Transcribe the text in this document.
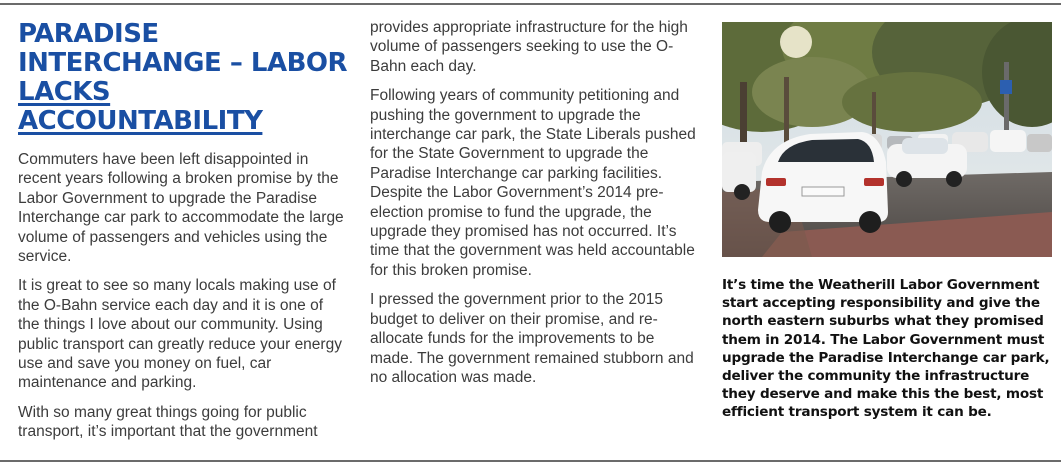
PARADISE
INTERCHANGE – LABOR
LACKS ACCOUNTABILITY

Commuters have been left disappointed in recent years following a broken promise by the Labor Government to upgrade the Paradise Interchange car park to accommodate the large volume of passengers and vehicles using the service.

It is great to see so many locals making use of the O-Bahn service each day and it is one of the things I love about our community. Using public transport can greatly reduce your energy use and save you money on fuel, car maintenance and parking.

With so many great things going for public transport, it’s important that the government

provides appropriate infrastructure for the high volume of passengers seeking to use the O-Bahn each day.

Following years of community petitioning and pushing the government to upgrade the interchange car park, the State Liberals pushed for the State Government to upgrade the Paradise Interchange car parking facilities. Despite the Labor Government’s 2014 pre-election promise to fund the upgrade, the upgrade they promised has not occurred. It’s time that the government was held accountable for this broken promise.

I pressed the government prior to the 2015 budget to deliver on their promise, and re-allocate funds for the improvements to be made. The government remained stubborn and no allocation was made.

It’s time the Weatherill Labor Government start accepting responsibility and give the north eastern suburbs what they promised them in 2014. The Labor Government must upgrade the Paradise Interchange car park, deliver the community the infrastructure they deserve and make this the best, most efficient transport system it can be.
